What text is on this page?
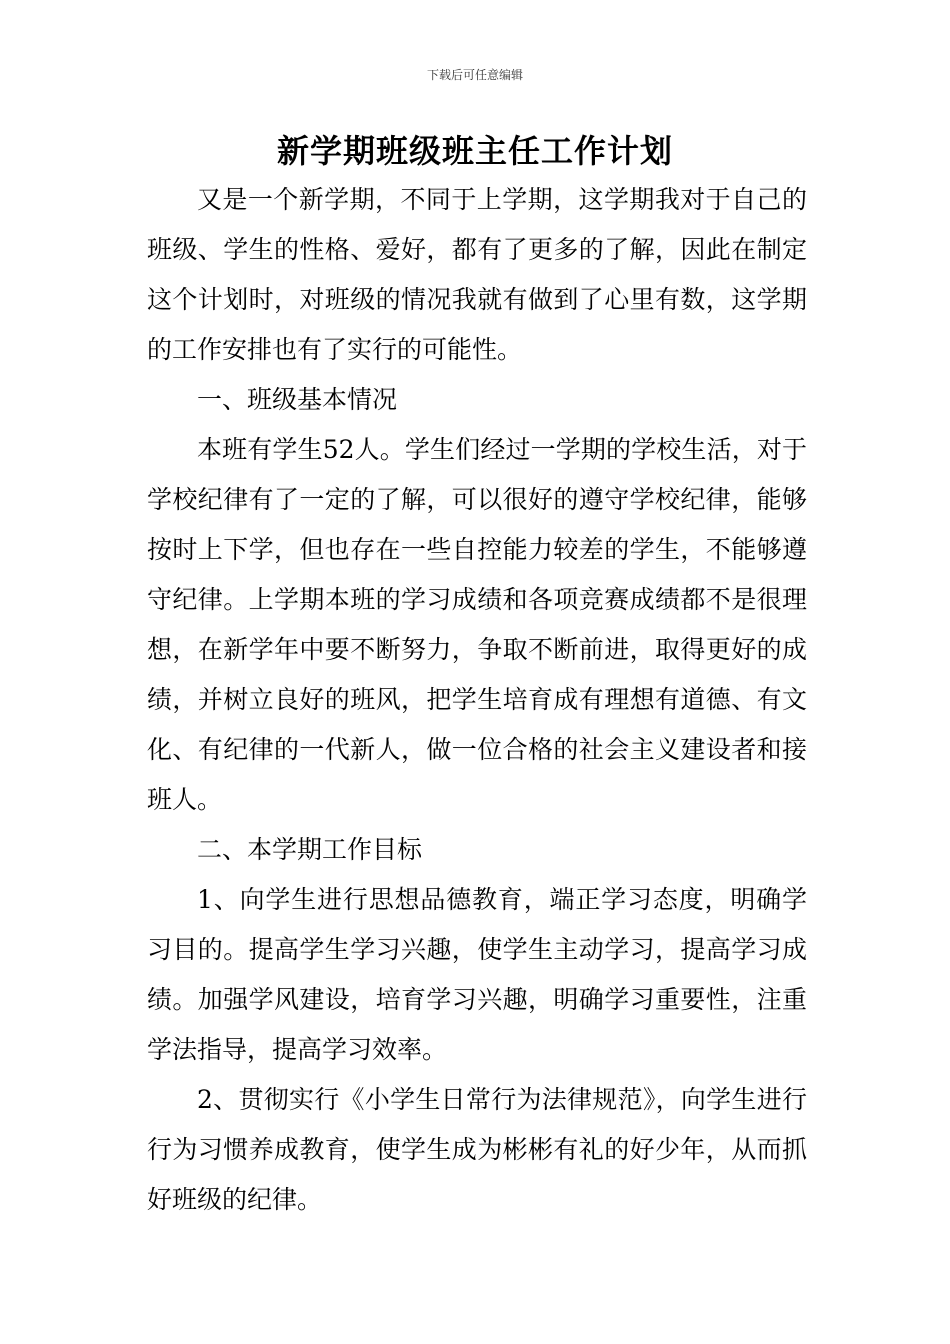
下载后可任意编辑
新学期班级班主任工作计划

又是一个新学期，不同于上学期，这学期我对于自己的班级、学生的性格、爱好，都有了更多的了解，因此在制定这个计划时，对班级的情况我就有做到了心里有数，这学期的工作安排也有了实行的可能性。

一、班级基本情况

本班有学生52人。学生们经过一学期的学校生活，对于学校纪律有了一定的了解，可以很好的遵守学校纪律，能够按时上下学，但也存在一些自控能力较差的学生，不能够遵守纪律。上学期本班的学习成绩和各项竞赛成绩都不是很理想，在新学年中要不断努力，争取不断前进，取得更好的成绩，并树立良好的班风，把学生培育成有理想有道德、有文化、有纪律的一代新人，做一位合格的社会主义建设者和接班人。

二、本学期工作目标

1、向学生进行思想品德教育，端正学习态度，明确学习目的。提高学生学习兴趣，使学生主动学习，提高学习成绩。加强学风建设，培育学习兴趣，明确学习重要性，注重学法指导，提高学习效率。

2、贯彻实行《小学生日常行为法律规范》，向学生进行行为习惯养成教育，使学生成为彬彬有礼的好少年，从而抓好班级的纪律。
